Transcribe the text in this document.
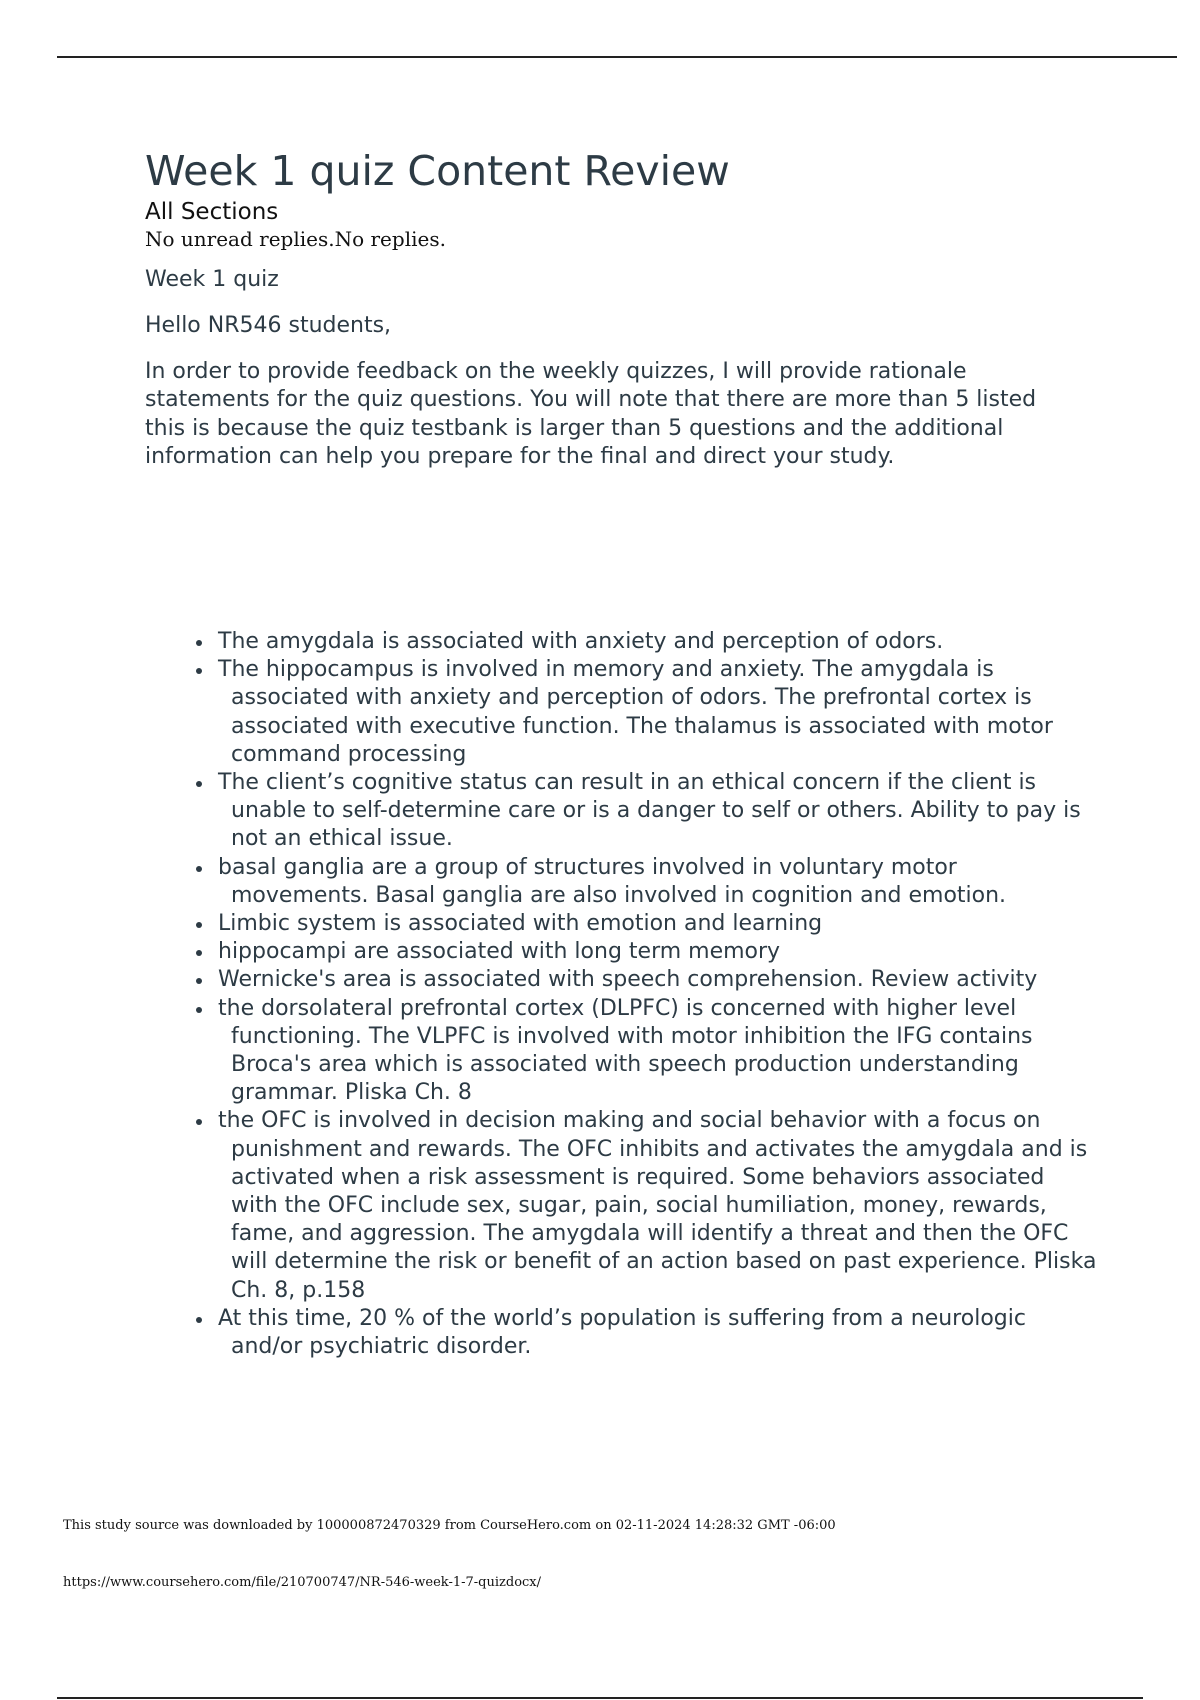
Week 1 quiz Content Review

All Sections

No unread replies.No replies.

Week 1 quiz

Hello NR546 students,

In order to provide feedback on the weekly quizzes, I will provide rationale statements for the quiz questions. You will note that there are more than 5 listed this is because the quiz testbank is larger than 5 questions and the additional information can help you prepare for the final and direct your study.

The amygdala is associated with anxiety and perception of odors.
The hippocampus is involved in memory and anxiety. The amygdala is associated with anxiety and perception of odors. The prefrontal cortex is associated with executive function. The thalamus is associated with motor command processing
The client’s cognitive status can result in an ethical concern if the client is unable to self-determine care or is a danger to self or others. Ability to pay is not an ethical issue.
basal ganglia are a group of structures involved in voluntary motor movements. Basal ganglia are also involved in cognition and emotion.
Limbic system is associated with emotion and learning
hippocampi are associated with long term memory
Wernicke's area is associated with speech comprehension. Review activity
the dorsolateral prefrontal cortex (DLPFC) is concerned with higher level functioning. The VLPFC is involved with motor inhibition the IFG contains Broca's area which is associated with speech production understanding grammar. Pliska Ch. 8
the OFC is involved in decision making and social behavior with a focus on punishment and rewards. The OFC inhibits and activates the amygdala and is activated when a risk assessment is required. Some behaviors associated with the OFC include sex, sugar, pain, social humiliation, money, rewards, fame, and aggression. The amygdala will identify a threat and then the OFC will determine the risk or benefit of an action based on past experience. Pliska Ch. 8, p.158
At this time, 20 % of the world’s population is suffering from a neurologic and/or psychiatric disorder.

This study source was downloaded by 100000872470329 from CourseHero.com on 02-11-2024 14:28:32 GMT -06:00

https://www.coursehero.com/file/210700747/NR-546-week-1-7-quizdocx/
